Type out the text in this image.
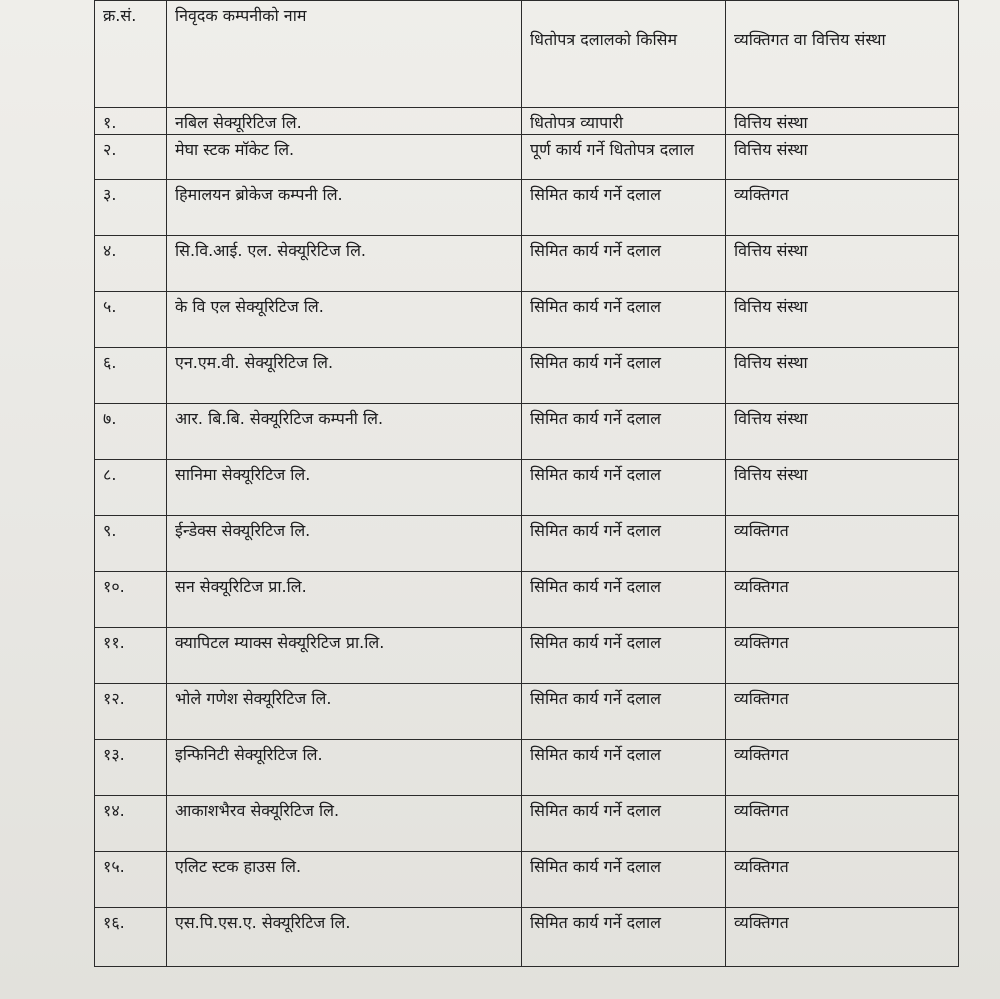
क्र.सं.	निवृदक कम्पनीको नाम	धितोपत्र दलालको किसिम	व्यक्तिगत वा वित्तिय संस्था
१.	नबिल सेक्यूरिटिज लि.	धितोपत्र व्यापारी	वित्तिय संस्था
२.	मेघा स्टक मॉकेट लि.	पूर्ण कार्य गर्ने धितोपत्र दलाल	वित्तिय संस्था
३.	हिमालयन ब्रोकेज कम्पनी लि.	सिमित कार्य गर्ने दलाल	व्यक्तिगत
४.	सि.वि.आई. एल. सेक्यूरिटिज लि.	सिमित कार्य गर्ने दलाल	वित्तिय संस्था
५.	के वि एल सेक्यूरिटिज लि.	सिमित कार्य गर्ने दलाल	वित्तिय संस्था
६.	एन.एम.वी. सेक्यूरिटिज लि.	सिमित कार्य गर्ने दलाल	वित्तिय संस्था
७.	आर. बि.बि. सेक्यूरिटिज कम्पनी लि.	सिमित कार्य गर्ने दलाल	वित्तिय संस्था
८.	सानिमा सेक्यूरिटिज लि.	सिमित कार्य गर्ने दलाल	वित्तिय संस्था
९.	ईन्डेक्स सेक्यूरिटिज लि.	सिमित कार्य गर्ने दलाल	व्यक्तिगत
१०.	सन सेक्यूरिटिज प्रा.लि.	सिमित कार्य गर्ने दलाल	व्यक्तिगत
११.	क्यापिटल म्याक्स सेक्यूरिटिज प्रा.लि.	सिमित कार्य गर्ने दलाल	व्यक्तिगत
१२.	भोले गणेश सेक्यूरिटिज लि.	सिमित कार्य गर्ने दलाल	व्यक्तिगत
१३.	इन्फिनिटी सेक्यूरिटिज लि.	सिमित कार्य गर्ने दलाल	व्यक्तिगत
१४.	आकाशभैरव सेक्यूरिटिज लि.	सिमित कार्य गर्ने दलाल	व्यक्तिगत
१५.	एलिट स्टक हाउस लि.	सिमित कार्य गर्ने दलाल	व्यक्तिगत
१६.	एस.पि.एस.ए. सेक्यूरिटिज लि.	सिमित कार्य गर्ने दलाल	व्यक्तिगत
